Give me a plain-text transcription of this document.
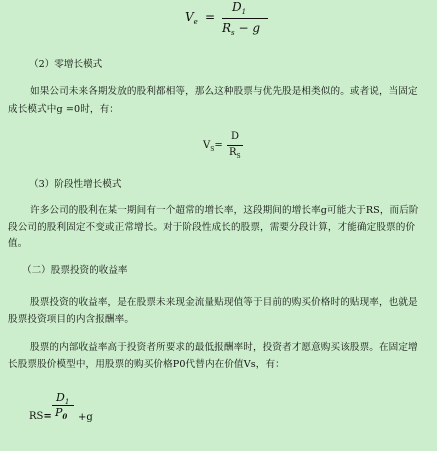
$V_e$ =
$D_1$
$R_s - g$
（2）零增长模式
如果公司未来各期发放的股利都相等，那么这种股票与优先股是相类似的。或者说，当固定成长模式中g =0时，有：
$V_S=$
D
$R_S$
（3）阶段性增长模式
许多公司的股利在某一期间有一个超常的增长率，这段期间的增长率g可能大于RS，而后阶段公司的股利固定不变或正常增长。对于阶段性成长的股票，需要分段计算，才能确定股票的价值。
（二）股票投资的收益率
股票投资的收益率，是在股票未来现金流量贴现值等于目前的购买价格时的贴现率，也就是股票投资项目的内含报酬率。
股票的内部收益率高于投资者所要求的最低报酬率时，投资者才愿意购买该股票。在固定增长股票股价模型中，用股票的购买价格P0代替内在价值Vs，有：
RS=
$D_1$
$P_0 +g$
